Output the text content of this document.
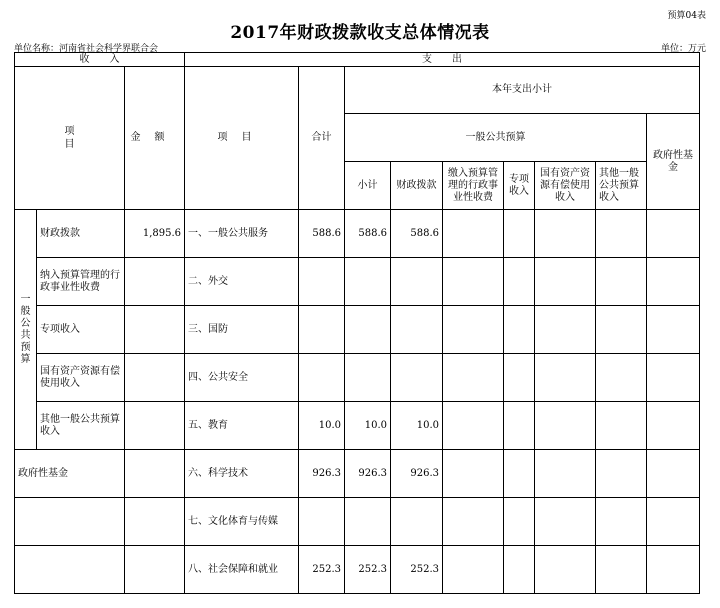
预算04表
2017年财政拨款收支总体情况表
单位名称：河南省社会科学界联合会	单位：万元
收　　入			支　　出								
项目		金额	项目	合计	本年支出小计						
					一般公共预算						政府性基金
					小计	财政拨款	缴入预算管理的行政事业性收费	专项收入	国有资产资源有偿使用收入	其他一般公共预算收入	
一般公共预算	财政拨款	1,895.6	一、一般公共服务	588.6	588.6	588.6					
	纳入预算管理的行政事业性收费		二、外交								
	专项收入		三、国防								
	国有资产资源有偿使用收入		四、公共安全								
	其他一般公共预算收入		五、教育	10.0	10.0	10.0					
政府性基金			六、科学技术	926.3	926.3	926.3					
			七、文化体育与传媒								
			八、社会保障和就业	252.3	252.3	252.3					
